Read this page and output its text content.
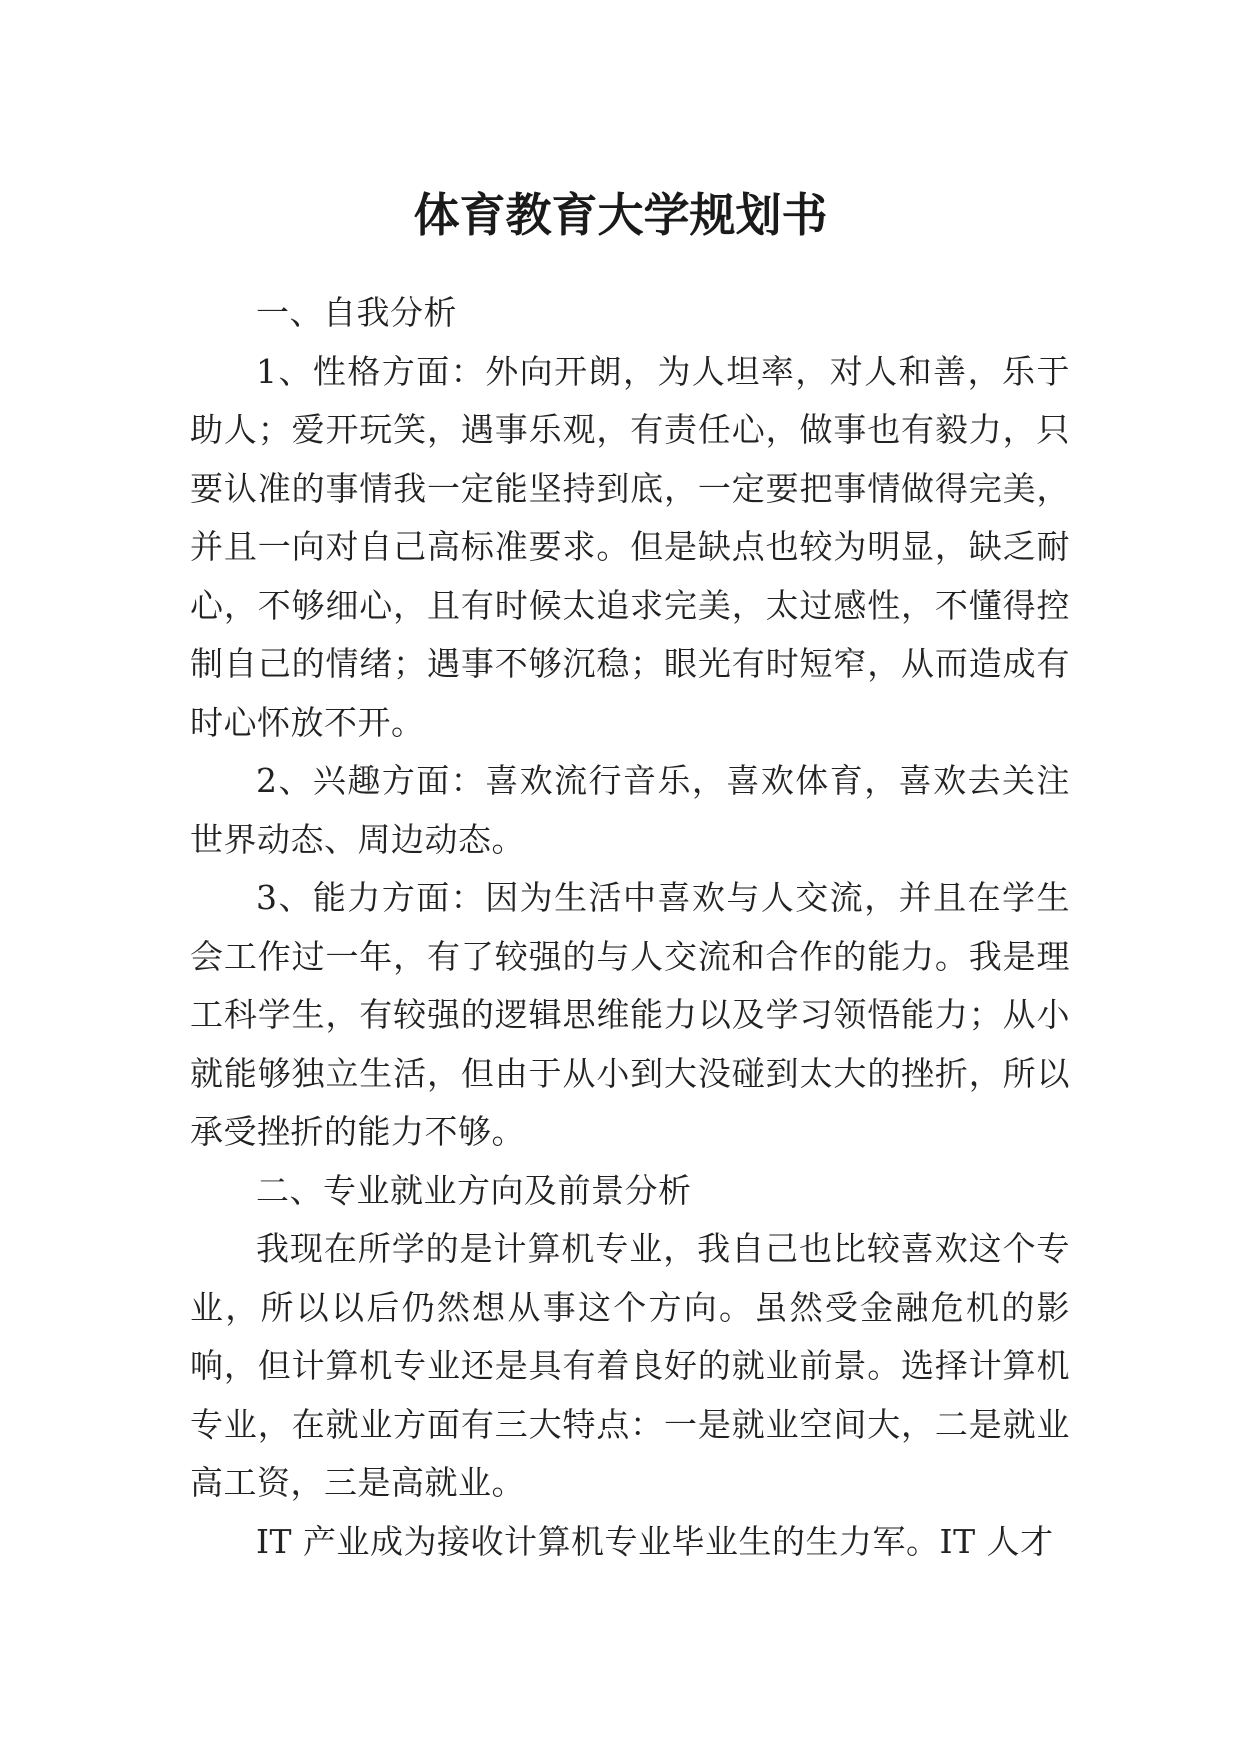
体育教育大学规划书

一、自我分析

1、性格方面：外向开朗，为人坦率，对人和善，乐于助人；爱开玩笑，遇事乐观，有责任心，做事也有毅力，只要认准的事情我一定能坚持到底，一定要把事情做得完美，并且一向对自己高标准要求。但是缺点也较为明显，缺乏耐心，不够细心，且有时候太追求完美，太过感性，不懂得控制自己的情绪；遇事不够沉稳；眼光有时短窄，从而造成有时心怀放不开。

2、兴趣方面：喜欢流行音乐，喜欢体育，喜欢去关注世界动态、周边动态。

3、能力方面：因为生活中喜欢与人交流，并且在学生会工作过一年，有了较强的与人交流和合作的能力。我是理工科学生，有较强的逻辑思维能力以及学习领悟能力；从小就能够独立生活，但由于从小到大没碰到太大的挫折，所以承受挫折的能力不够。

二、专业就业方向及前景分析

我现在所学的是计算机专业，我自己也比较喜欢这个专业，所以以后仍然想从事这个方向。虽然受金融危机的影响，但计算机专业还是具有着良好的就业前景。选择计算机专业，在就业方面有三大特点：一是就业空间大，二是就业高工资，三是高就业。

IT 产业成为接收计算机专业毕业生的生力军。IT 人才
